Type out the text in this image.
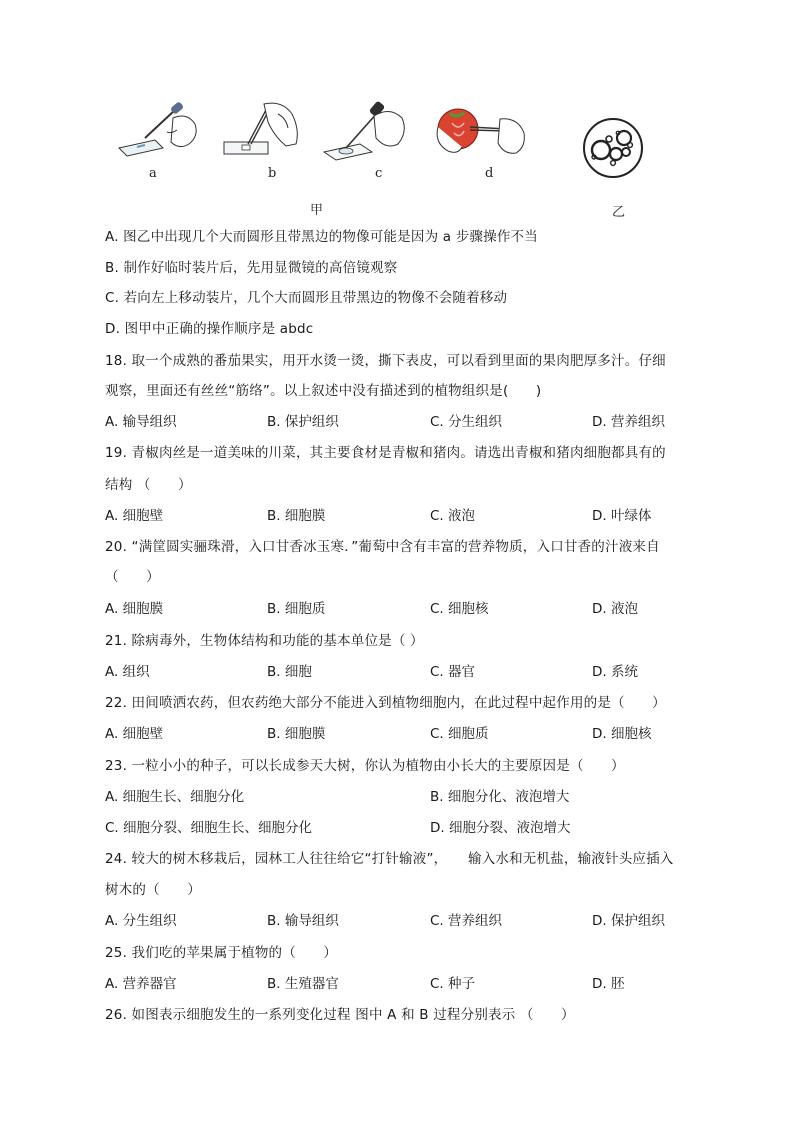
a	b	c	d
甲	乙
A. 图乙中出现几个大而圆形且带黑边的物像可能是因为 a 步骤操作不当
B. 制作好临时装片后，先用显微镜的高倍镜观察
C. 若向左上移动装片，几个大而圆形且带黑边的物像不会随着移动
D. 图甲中正确的操作顺序是 abdc
18. 取一个成熟的番茄果实，用开水烫一烫，撕下表皮，可以看到里面的果肉肥厚多汁。仔细
观察，里面还有丝丝“筋络”。以上叙述中没有描述到的植物组织是(　　)
A. 输导组织	B. 保护组织	C. 分生组织	D. 营养组织
19. 青椒肉丝是一道美味的川菜，其主要食材是青椒和猪肉。请选出青椒和猪肉细胞都具有的
结构 （　　）
A. 细胞壁	B. 细胞膜	C. 液泡	D. 叶绿体
20. “满筐圆实骊珠滑，入口甘香冰玉寒．”葡萄中含有丰富的营养物质，入口甘香的汁液来自
（　　）
A. 细胞膜	B. 细胞质	C. 细胞核	D. 液泡
21. 除病毒外，生物体结构和功能的基本单位是（ ）
A. 组织	B. 细胞	C. 器官	D. 系统
22. 田间喷洒农药，但农药绝大部分不能进入到植物细胞内，在此过程中起作用的是（　　）
A. 细胞壁	B. 细胞膜	C. 细胞质	D. 细胞核
23. 一粒小小的种子，可以长成参天大树，你认为植物由小长大的主要原因是（　　）
A. 细胞生长、细胞分化	B. 细胞分化、液泡增大
C. 细胞分裂、细胞生长、细胞分化	D. 细胞分裂、液泡增大
24. 较大的树木移栽后，园林工人往往给它“打针输液”，　　输入水和无机盐，输液针头应插入
树木的（　　）
A. 分生组织	B. 输导组织	C. 营养组织	D. 保护组织
25. 我们吃的苹果属于植物的（　　）
A. 营养器官	B. 生殖器官	C. 种子	D. 胚
26. 如图表示细胞发生的一系列变化过程 图中 A 和 B 过程分别表示 （　　）
